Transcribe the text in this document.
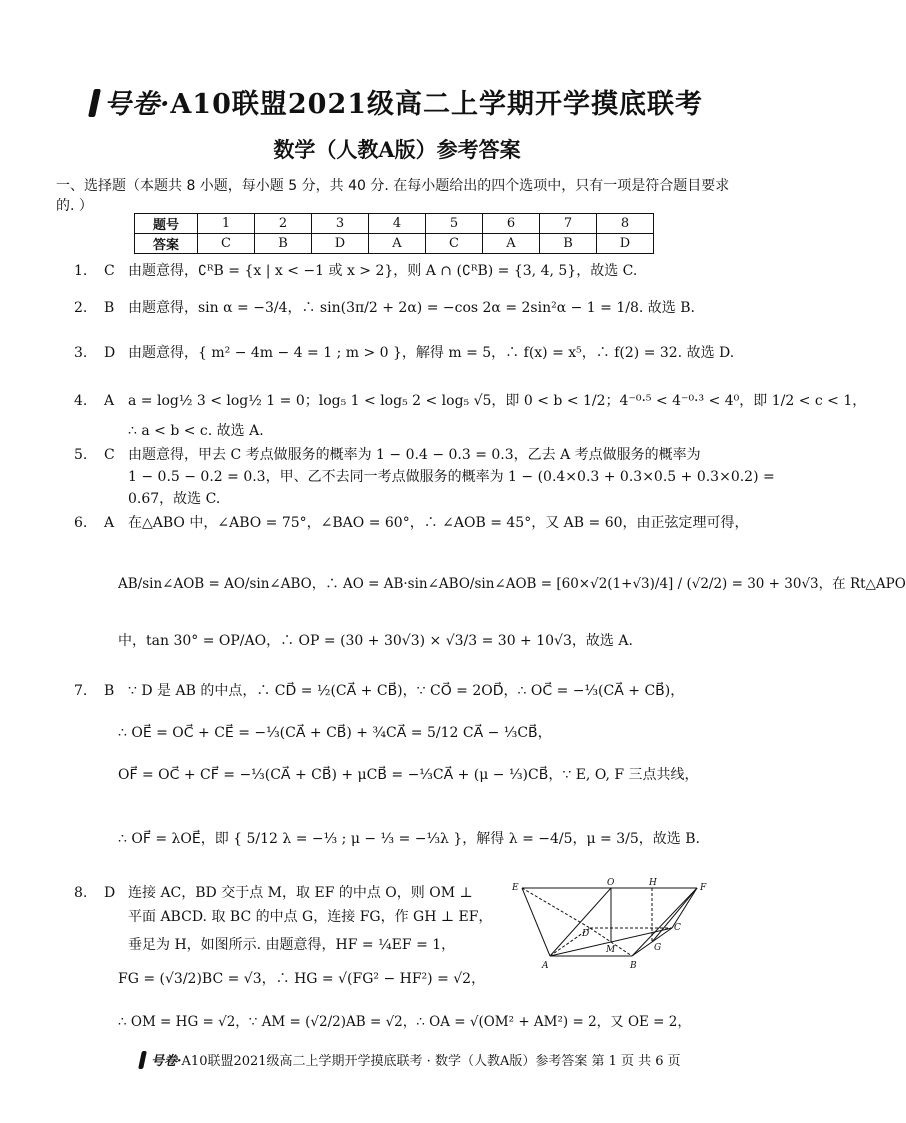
号卷·A10联盟2021级高二上学期开学摸底联考
数学（人教A版）参考答案
一、选择题（本题共 8 小题，每小题 5 分，共 40 分. 在每小题给出的四个选项中，只有一项是符合题目要求的. ）
题号	1	2	3	4	5	6	7	8
答案	C	B	D	A	C	A	B	D
1. C 由题意得，∁ᴿB = {x | x < −1 或 x > 2}，则 A ∩ (∁ᴿB) = {3, 4, 5}，故选 C.
2. B 由题意得，sin α = −3/4，∴ sin(3π/2 + 2α) = −cos 2α = 2sin²α − 1 = 1/8. 故选 B.
3. D 由题意得，{ m² − 4m − 4 = 1 ; m > 0 }，解得 m = 5，∴ f(x) = x⁵，∴ f(2) = 32. 故选 D.
4. A a = log½ 3 < log½ 1 = 0；log₅ 1 < log₅ 2 < log₅ √5，即 0 < b < 1/2；4⁻⁰·⁵ < 4⁻⁰·³ < 4⁰，即 1/2 < c < 1，
∴ a < b < c. 故选 A.
5. C 由题意得，甲去 C 考点做服务的概率为 1 − 0.4 − 0.3 = 0.3，乙去 A 考点做服务的概率为
1 − 0.5 − 0.2 = 0.3，甲、乙不去同一考点做服务的概率为 1 − (0.4×0.3 + 0.3×0.5 + 0.3×0.2) =
0.67，故选 C.
6. A 在△ABO 中，∠ABO = 75°，∠BAO = 60°，∴ ∠AOB = 45°，又 AB = 60，由正弦定理可得，
AB/sin∠AOB = AO/sin∠ABO，∴ AO = AB·sin∠ABO/sin∠AOB = [60×√2(1+√3)/4] / (√2/2) = 30 + 30√3，在 Rt△APO
中，tan 30° = OP/AO，∴ OP = (30 + 30√3) × √3/3 = 30 + 10√3，故选 A.
7. B ∵ D 是 AB 的中点，∴ CD⃗ = ½(CA⃗ + CB⃗)，∵ CO⃗ = 2OD⃗，∴ OC⃗ = −⅓(CA⃗ + CB⃗)，
∴ OE⃗ = OC⃗ + CE⃗ = −⅓(CA⃗ + CB⃗) + ¾CA⃗ = 5/12 CA⃗ − ⅓CB⃗，
OF⃗ = OC⃗ + CF⃗ = −⅓(CA⃗ + CB⃗) + μCB⃗ = −⅓CA⃗ + (μ − ⅓)CB⃗，∵ E, O, F 三点共线，
∴ OF⃗ = λOE⃗，即 { 5/12 λ = −⅓ ; μ − ⅓ = −⅓λ }，解得 λ = −4/5，μ = 3/5，故选 B.
8. D 连接 AC，BD 交于点 M，取 EF 的中点 O，则 OM ⊥
平面 ABCD. 取 BC 的中点 G，连接 FG，作 GH ⊥ EF，
垂足为 H，如图所示. 由题意得，HF = ¼EF = 1，
FG = (√3/2)BC = √3，∴ HG = √(FG² − HF²) = √2，
∴ OM = HG = √2，∵ AM = (√2/2)AB = √2，∴ OA = √(OM² + AM²) = 2，又 OE = 2，
E	O	H	F
D
C
M	G
A	B
号卷·A10联盟2021级高二上学期开学摸底联考 · 数学（人教A版）参考答案 第 1 页 共 6 页
